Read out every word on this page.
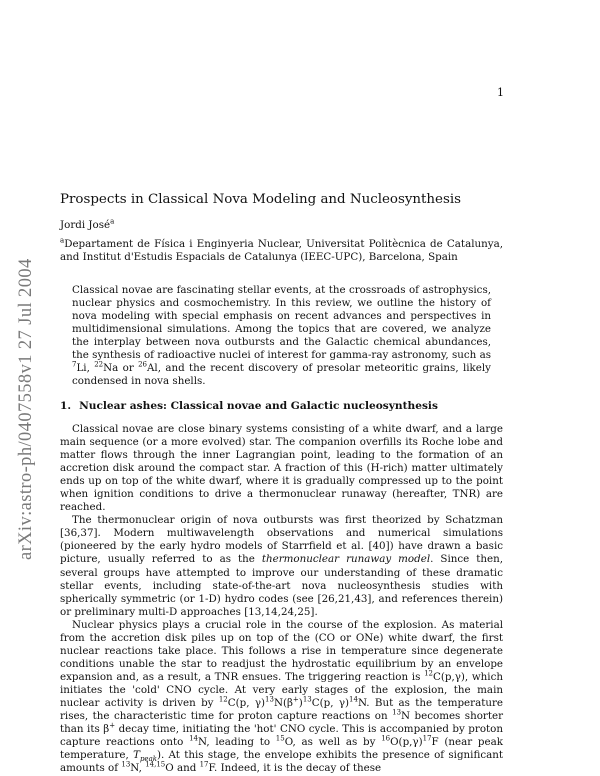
1
arXiv:astro-ph/0407558v1 27 Jul 2004
Prospects in Classical Nova Modeling and Nucleosynthesis
Jordi José$^a$
$^a$Departament de Física i Enginyeria Nuclear, Universitat Politècnica de Catalunya, and Institut d'Estudis Espacials de Catalunya (IEEC-UPC), Barcelona, Spain
Classical novae are fascinating stellar events, at the crossroads of astrophysics, nuclear physics and cosmochemistry. In this review, we outline the history of nova modeling with special emphasis on recent advances and perspectives in multidimensional simulations. Among the topics that are covered, we analyze the interplay between nova outbursts and the Galactic chemical abundances, the synthesis of radioactive nuclei of interest for gamma-ray astronomy, such as $^7$Li, $^{22}$Na or $^{26}$Al, and the recent discovery of presolar meteoritic grains, likely condensed in nova shells.
1. Nuclear ashes: Classical novae and Galactic nucleosynthesis

Classical novae are close binary systems consisting of a white dwarf, and a large main sequence (or a more evolved) star. The companion overfills its Roche lobe and matter flows through the inner Lagrangian point, leading to the formation of an accretion disk around the compact star. A fraction of this (H-rich) matter ultimately ends up on top of the white dwarf, where it is gradually compressed up to the point when ignition conditions to drive a thermonuclear runaway (hereafter, TNR) are reached.

The thermonuclear origin of nova outbursts was first theorized by Schatzman [36,37]. Modern multiwavelength observations and numerical simulations (pioneered by the early hydro models of Starrfield et al. [40]) have drawn a basic picture, usually referred to as the thermonuclear runaway model. Since then, several groups have attempted to improve our understanding of these dramatic stellar events, including state-of-the-art nova nucleosynthesis studies with spherically symmetric (or 1-D) hydro codes (see [26,21,43], and references therein) or preliminary multi-D approaches [13,14,24,25].

Nuclear physics plays a crucial role in the course of the explosion. As material from the accretion disk piles up on top of the (CO or ONe) white dwarf, the first nuclear reactions take place. This follows a rise in temperature since degenerate conditions unable the star to readjust the hydrostatic equilibrium by an envelope expansion and, as a result, a TNR ensues. The triggering reaction is $^{12}$C(p,γ), which initiates the 'cold' CNO cycle. At very early stages of the explosion, the main nuclear activity is driven by $^{12}$C(p, $\gamma)^{13}N(\beta^+)^{13}C(p$, γ)$^{14}$N. But as the temperature rises, the characteristic time for proton capture reactions on $^{13}$N becomes shorter than its β+ decay time, initiating the 'hot' CNO cycle. This is accompanied by proton capture reactions onto $^{14}$N, leading to $^{15}$O, as well as by $^{16}O(p,\gamma)^{17}F$ (near peak temperature, $T_{peak}$). At this stage, the envelope exhibits the presence of significant amounts of $^{13}$N, $^{14,15}$O and $^{17}$F. Indeed, it is the decay of these
